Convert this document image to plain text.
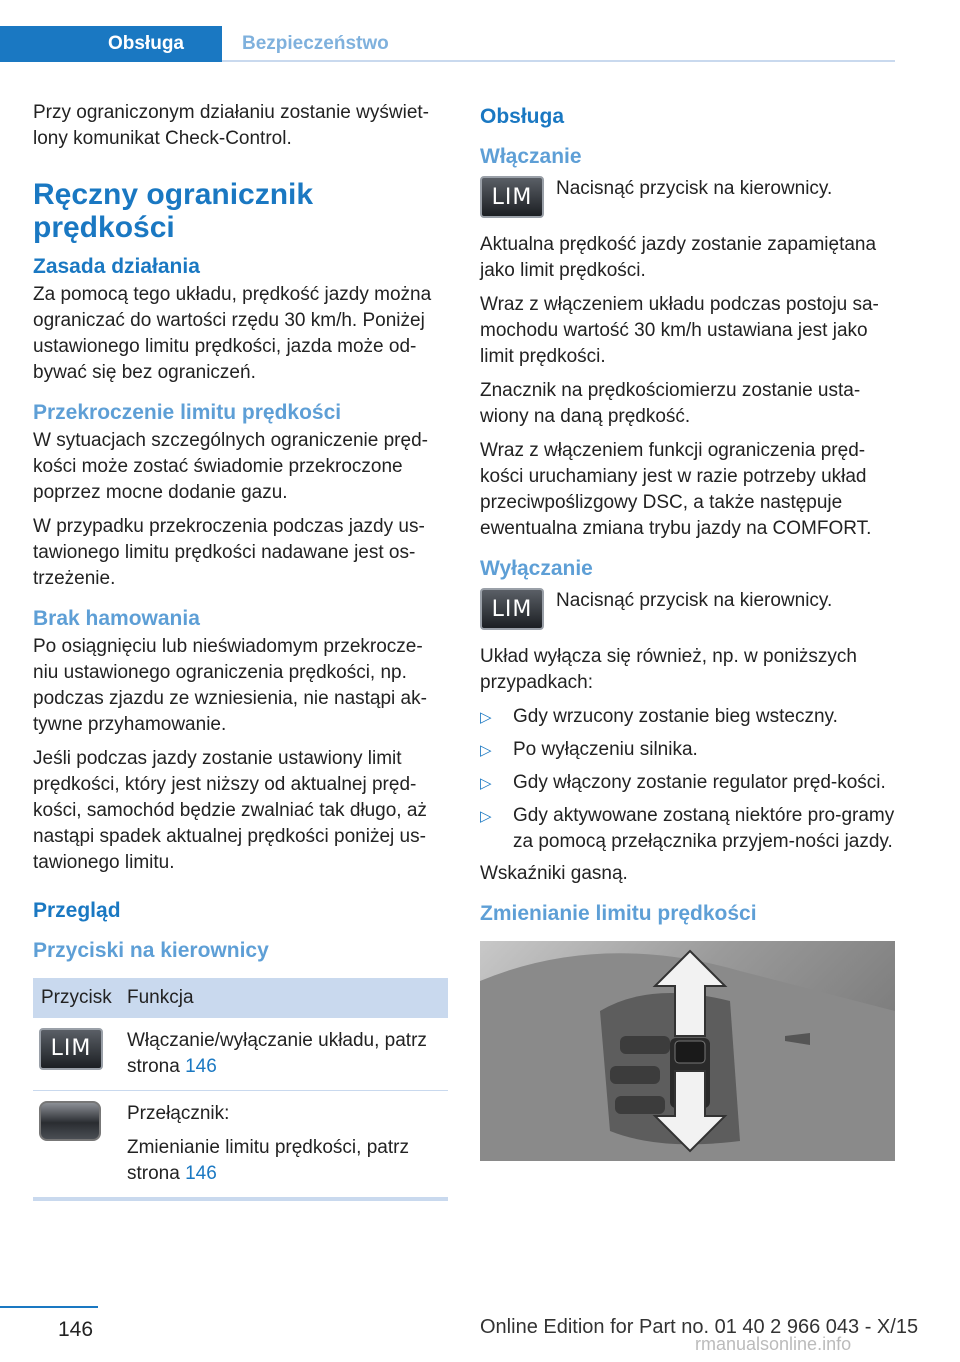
Obsługa	Bezpieczeństwo

Przy ograniczonym działaniu zostanie wyświet‐lony komunikat Check-Control.

Ręczny ogranicznik prędkości
Zasada działania

Za pomocą tego układu, prędkość jazdy można ograniczać do wartości rzędu 30 km/h. Poniżej ustawionego limitu prędkości, jazda może od‐bywać się bez ograniczeń.

Przekroczenie limitu prędkości

W sytuacjach szczególnych ograniczenie pręd‐kości może zostać świadomie przekroczone poprzez mocne dodanie gazu.

W przypadku przekroczenia podczas jazdy us‐tawionego limitu prędkości nadawane jest os‐trzeżenie.

Brak hamowania

Po osiągnięciu lub nieświadomym przekrocze‐niu ustawionego ograniczenia prędkości, np. podczas zjazdu ze wzniesienia, nie nastąpi ak‐tywne przyhamowanie.

Jeśli podczas jazdy zostanie ustawiony limit prędkości, który jest niższy od aktualnej pręd‐kości, samochód będzie zwalniać tak długo, aż nastąpi spadek aktualnej prędkości poniżej us‐tawionego limitu.

Przegląd
Przyciski na kierownicy
Przycisk	Funkcja
LIM	Włączanie/wyłączanie układu, patrz strona 146

	Przełącznik:
Zmienianie limitu prędkości, patrz strona 146
Obsługa
Włączanie
LIM	Nacisnąć przycisk na kierownicy.

Aktualna prędkość jazdy zostanie zapamiętana jako limit prędkości.

Wraz z włączeniem układu podczas postoju sa‐mochodu wartość 30 km/h ustawiana jest jako limit prędkości.

Znacznik na prędkościomierzu zostanie usta‐wiony na daną prędkość.

Wraz z włączeniem funkcji ograniczenia pręd‐kości uruchamiany jest w razie potrzeby układ przeciwpoślizgowy DSC, a także następuje ewentualna zmiana trybu jazdy na COMFORT.

Wyłączanie
LIM	Nacisnąć przycisk na kierownicy.

Układ wyłącza się również, np. w poniższych przypadkach:

▷	Gdy wrzucony zostanie bieg wsteczny.
▷	Po wyłączeniu silnika.
▷	Gdy włączony zostanie regulator pręd‐kości.
▷	Gdy aktywowane zostaną niektóre pro‐gramy za pomocą przełącznika przyjem‐ności jazdy.

Wskaźniki gasną.

Zmienianie limitu prędkości
146	Online Edition for Part no. 01 40 2 966 043 - X/15
rmanualsonline.info
